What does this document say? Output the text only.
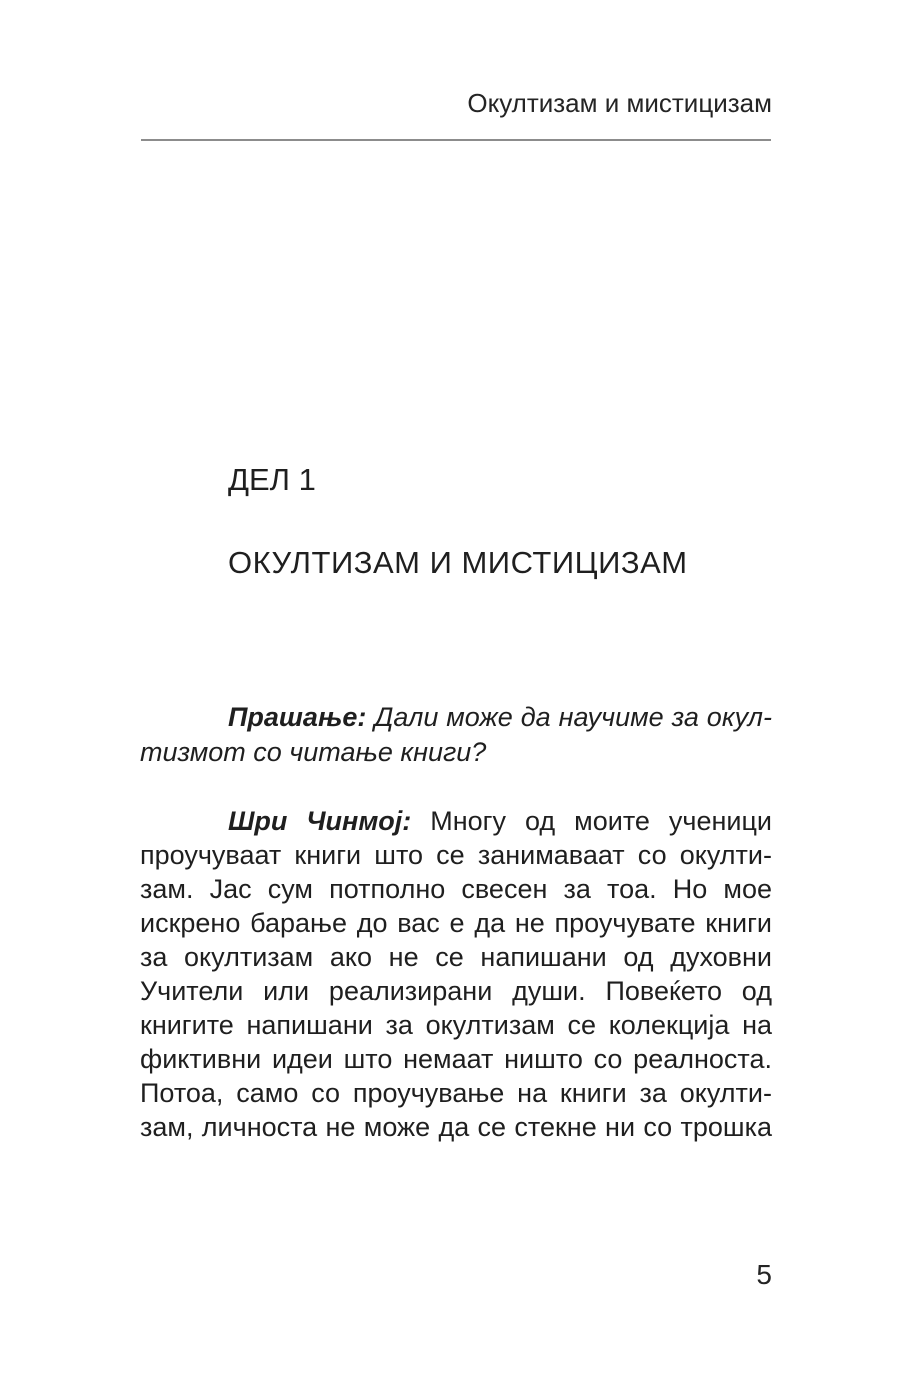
Окултизам и мистицизам
ДЕЛ 1
ОКУЛТИЗАМ И МИСТИЦИЗАМ
Прашање: Дали може да научиме за окул-
тизмот со читање книги?
Шри Чинмој: Многу од моите ученици
проучуваат книги што се занимаваат со окулти-
зам. Јас сум потполно свесен за тоа. Но мое
искрено барање до вас е да не проучувате книги
за окултизам ако не се напишани од духовни
Учители или реализирани души. Повеќето од
книгите напишани за окултизам се колекција на
фиктивни идеи што немаат ништо со реалноста.
Потоа, само со проучување на книги за окулти-
зам, личноста не може да се стекне ни со трошка
5
